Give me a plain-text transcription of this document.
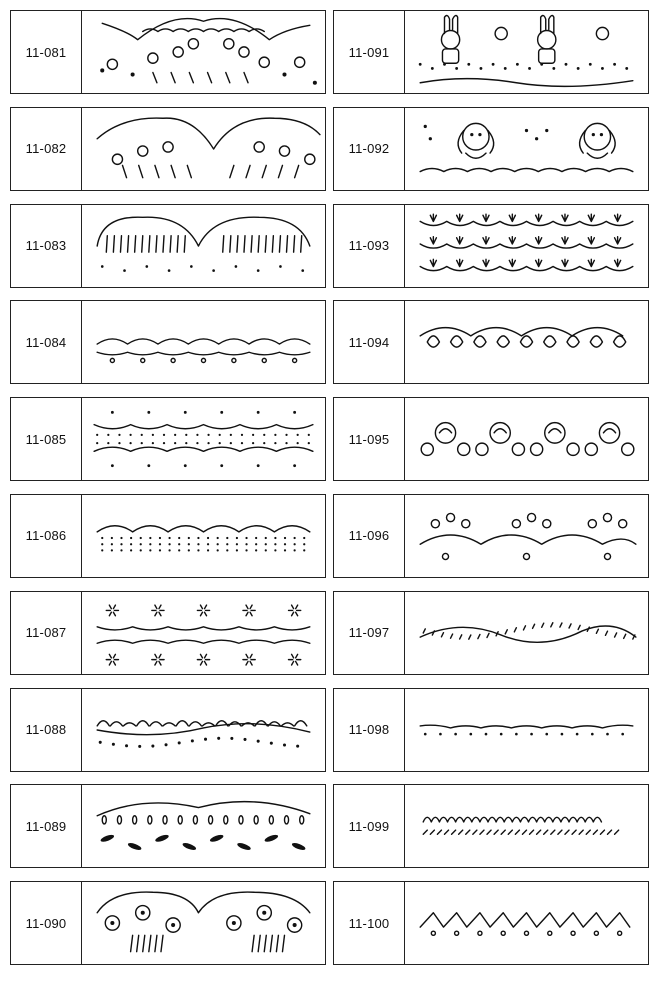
11-081
11-082
11-083
11-084
11-085
11-086
11-087
11-088
11-089
11-090
11-091
11-092
11-093
11-094
11-095
11-096
11-097
11-098
11-099
11-100
